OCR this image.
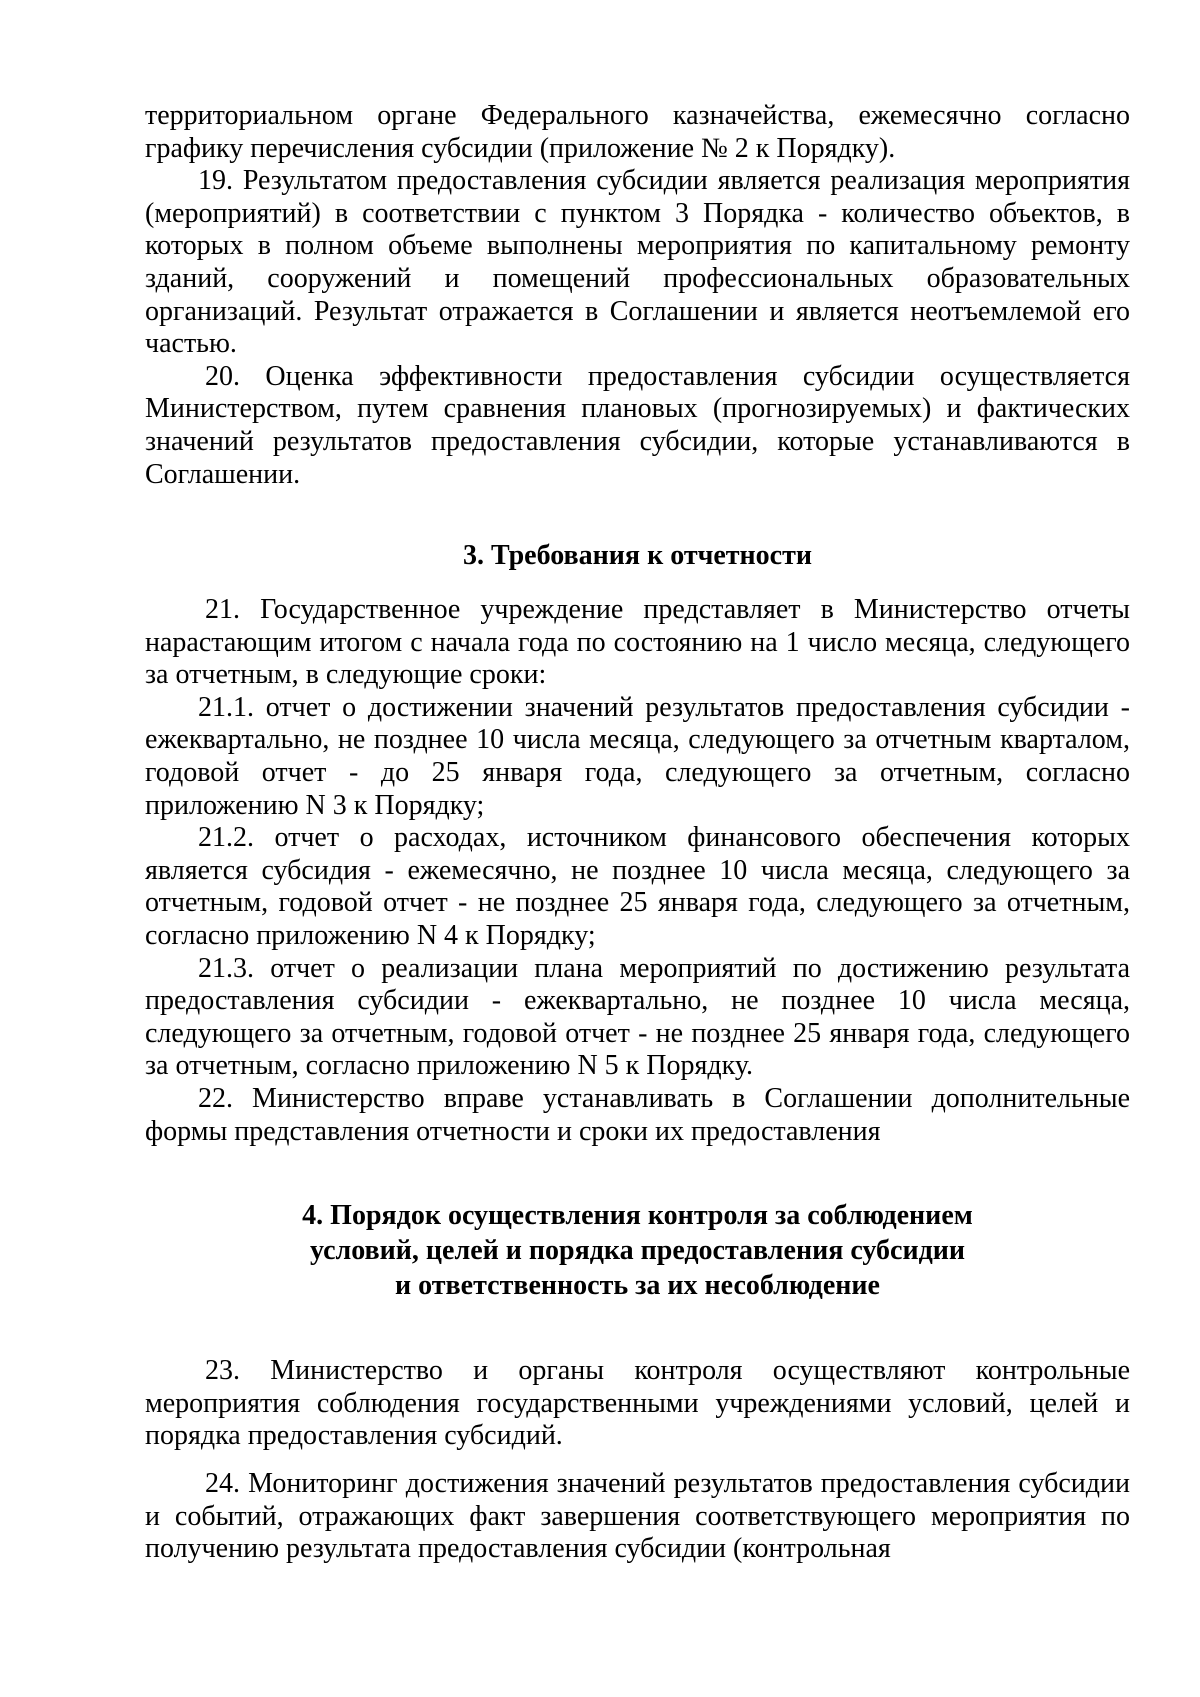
территориальном органе Федерального казначейства, ежемесячно согласно графику перечисления субсидии (приложение № 2 к Порядку).

19. Результатом предоставления субсидии является реализация мероприятия (мероприятий) в соответствии с пунктом 3 Порядка - количество объектов, в которых в полном объеме выполнены мероприятия по капитальному ремонту зданий, сооружений и помещений профессиональных образовательных организаций. Результат отражается в Соглашении и является неотъемлемой его частью.

20. Оценка эффективности предоставления субсидии осуществляется Министерством, путем сравнения плановых (прогнозируемых) и фактических значений результатов предоставления субсидии, которые устанавливаются в Соглашении.

3. Требования к отчетности

21. Государственное учреждение представляет в Министерство отчеты нарастающим итогом с начала года по состоянию на 1 число месяца, следующего за отчетным, в следующие сроки:

21.1. отчет о достижении значений результатов предоставления субсидии - ежеквартально, не позднее 10 числа месяца, следующего за отчетным кварталом, годовой отчет - до 25 января года, следующего за отчетным, согласно приложению N 3 к Порядку;

21.2. отчет о расходах, источником финансового обеспечения которых является субсидия - ежемесячно, не позднее 10 числа месяца, следующего за отчетным, годовой отчет - не позднее 25 января года, следующего за отчетным, согласно приложению N 4 к Порядку;

21.3. отчет о реализации плана мероприятий по достижению результата предоставления субсидии - ежеквартально, не позднее 10 числа месяца, следующего за отчетным, годовой отчет - не позднее 25 января года, следующего за отчетным, согласно приложению N 5 к Порядку.

22. Министерство вправе устанавливать в Соглашении дополнительные формы представления отчетности и сроки их предоставления

4. Порядок осуществления контроля за соблюдением
условий, целей и порядка предоставления субсидии
и ответственность за их несоблюдение

23. Министерство и органы контроля осуществляют контрольные мероприятия соблюдения государственными учреждениями условий, целей и порядка предоставления субсидий.

24. Мониторинг достижения значений результатов предоставления субсидии и событий, отражающих факт завершения соответствующего мероприятия по получению результата предоставления субсидии (контрольная
